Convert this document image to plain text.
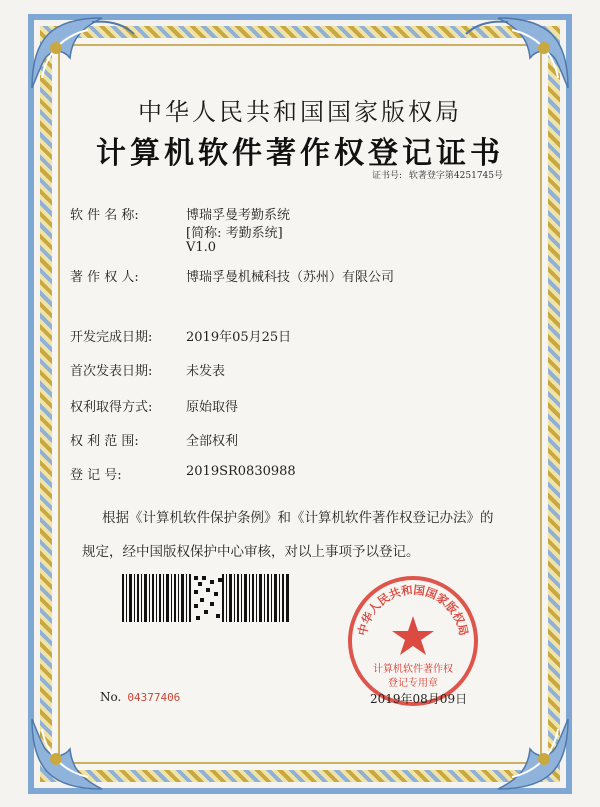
中华人民共和国国家版权局
计算机软件著作权登记证书
证书号: 软著登字第4251745号
软 件 名 称:	博瑞孚曼考勤系统
[简称: 考勤系统]
V1.0
著 作 权 人:	博瑞孚曼机械科技（苏州）有限公司
开发完成日期:	2019年05月25日
首次发表日期:	未发表
权利取得方式:	原始取得
权 利 范 围:	全部权利
登 记 号:	2019SR0830988
根据《计算机软件保护条例》和《计算机软件著作权登记办法》的
规定，经中国版权保护中心审核，对以上事项予以登记。
中华人民共和国国家版权局
计算机软件著作权
登记专用章
No. 04377406	2019年08月09日
